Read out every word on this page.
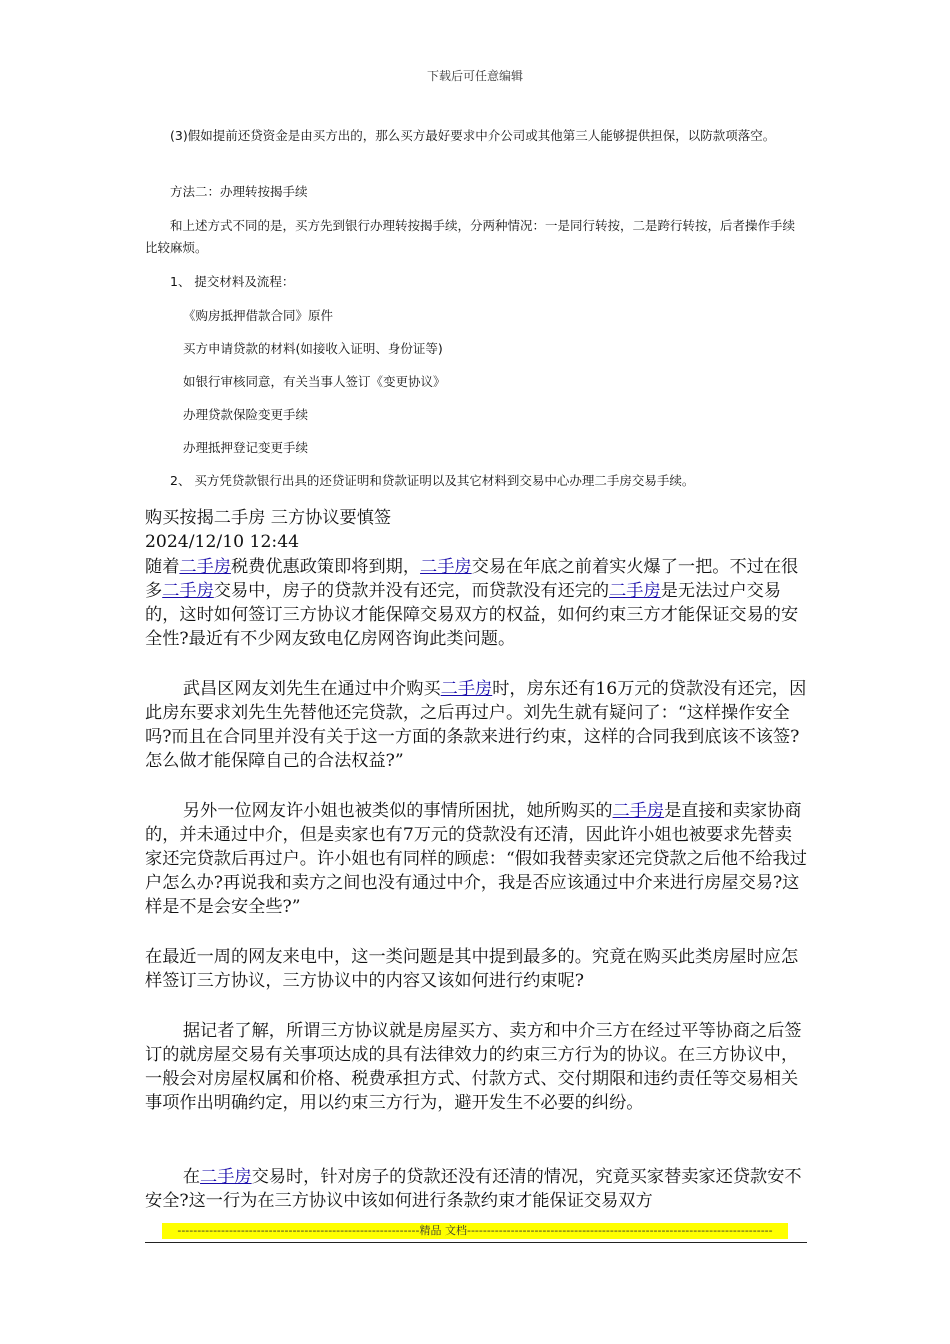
下载后可任意编辑

(3)假如提前还贷资金是由买方出的，那么买方最好要求中介公司或其他第三人能够提供担保，以防款项落空。

方法二：办理转按揭手续

和上述方式不同的是，买方先到银行办理转按揭手续，分两种情况：一是同行转按，二是跨行转按，后者操作手续比较麻烦。

1、 提交材料及流程：

《购房抵押借款合同》原件

买方申请贷款的材料(如接收入证明、身份证等)

如银行审核同意，有关当事人签订《变更协议》

办理贷款保险变更手续

办理抵押登记变更手续

2、 买方凭贷款银行出具的还贷证明和贷款证明以及其它材料到交易中心办理二手房交易手续。

购买按揭二手房 三方协议要慎签

2024/12/10 12:44

随着二手房税费优惠政策即将到期，二手房交易在年底之前着实火爆了一把。不过在很多二手房交易中，房子的贷款并没有还完，而贷款没有还完的二手房是无法过户交易的，这时如何签订三方协议才能保障交易双方的权益，如何约束三方才能保证交易的安全性?最近有不少网友致电亿房网咨询此类问题。

武昌区网友刘先生在通过中介购买二手房时，房东还有16万元的贷款没有还完，因此房东要求刘先生先替他还完贷款，之后再过户。刘先生就有疑问了：“这样操作安全吗?而且在合同里并没有关于这一方面的条款来进行约束，这样的合同我到底该不该签?怎么做才能保障自己的合法权益?”

另外一位网友许小姐也被类似的事情所困扰，她所购买的二手房是直接和卖家协商的，并未通过中介，但是卖家也有7万元的贷款没有还清，因此许小姐也被要求先替卖家还完贷款后再过户。许小姐也有同样的顾虑：“假如我替卖家还完贷款之后他不给我过户怎么办?再说我和卖方之间也没有通过中介，我是否应该通过中介来进行房屋交易?这样是不是会安全些?”

在最近一周的网友来电中，这一类问题是其中提到最多的。究竟在购买此类房屋时应怎样签订三方协议，三方协议中的内容又该如何进行约束呢?

据记者了解，所谓三方协议就是房屋买方、卖方和中介三方在经过平等协商之后签订的就房屋交易有关事项达成的具有法律效力的约束三方行为的协议。在三方协议中，一般会对房屋权属和价格、税费承担方式、付款方式、交付期限和违约责任等交易相关事项作出明确约定，用以约束三方行为，避开发生不必要的纠纷。

在二手房交易时，针对房子的贷款还没有还清的情况，究竟买家替卖家还贷款安不安全?这一行为在三方协议中该如何进行条款约束才能保证交易双方

-------------------------------------------------------------精品 文档-----------------------------------------------------------------------------
